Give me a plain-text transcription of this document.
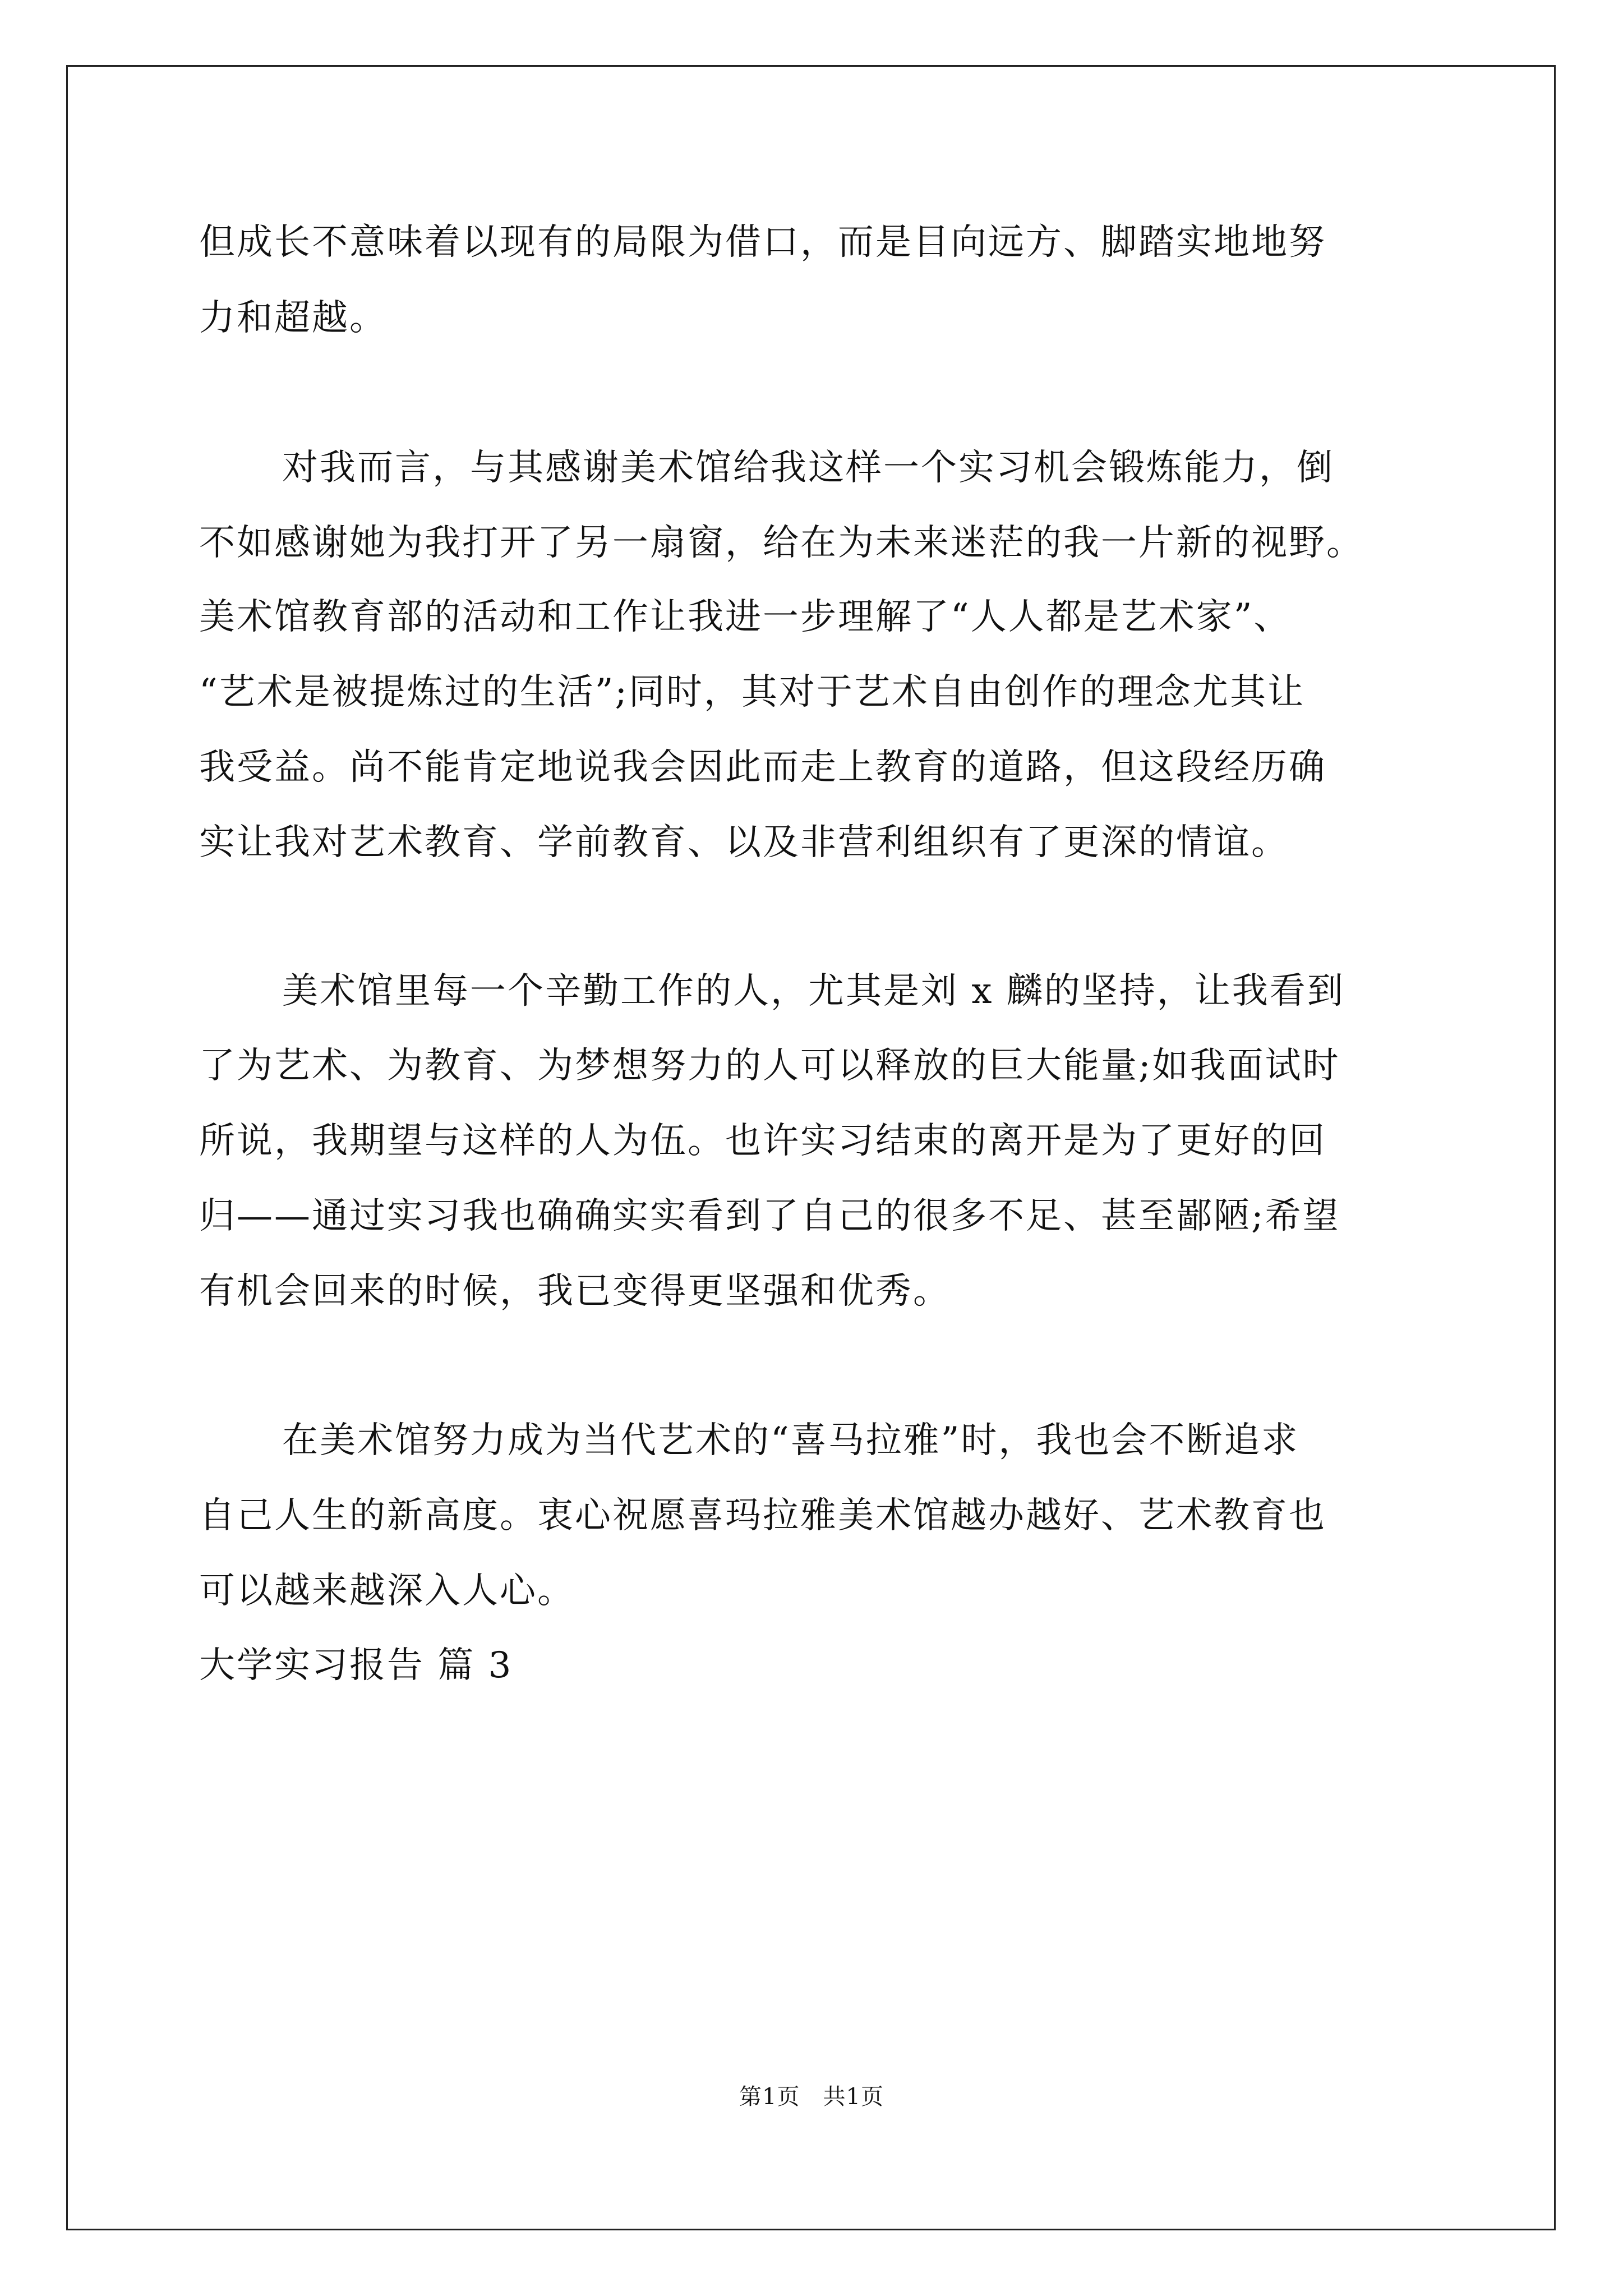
但成长不意味着以现有的局限为借口，而是目向远方、脚踏实地地努
力和超越。
对我而言，与其感谢美术馆给我这样一个实习机会锻炼能力，倒
不如感谢她为我打开了另一扇窗，给在为未来迷茫的我一片新的视野。
美术馆教育部的活动和工作让我进一步理解了“人人都是艺术家”、
“艺术是被提炼过的生活”;同时，其对于艺术自由创作的理念尤其让
我受益。尚不能肯定地说我会因此而走上教育的道路，但这段经历确
实让我对艺术教育、学前教育、以及非营利组织有了更深的情谊。
美术馆里每一个辛勤工作的人，尤其是刘 x 麟的坚持，让我看到
了为艺术、为教育、为梦想努力的人可以释放的巨大能量;如我面试时
所说，我期望与这样的人为伍。也许实习结束的离开是为了更好的回
归——通过实习我也确确实实看到了自己的很多不足、甚至鄙陋;希望
有机会回来的时候，我已变得更坚强和优秀。
在美术馆努力成为当代艺术的“喜马拉雅”时，我也会不断追求
自己人生的新高度。衷心祝愿喜玛拉雅美术馆越办越好、艺术教育也
可以越来越深入人心。
大学实习报告 篇 3
第1页　共1页
